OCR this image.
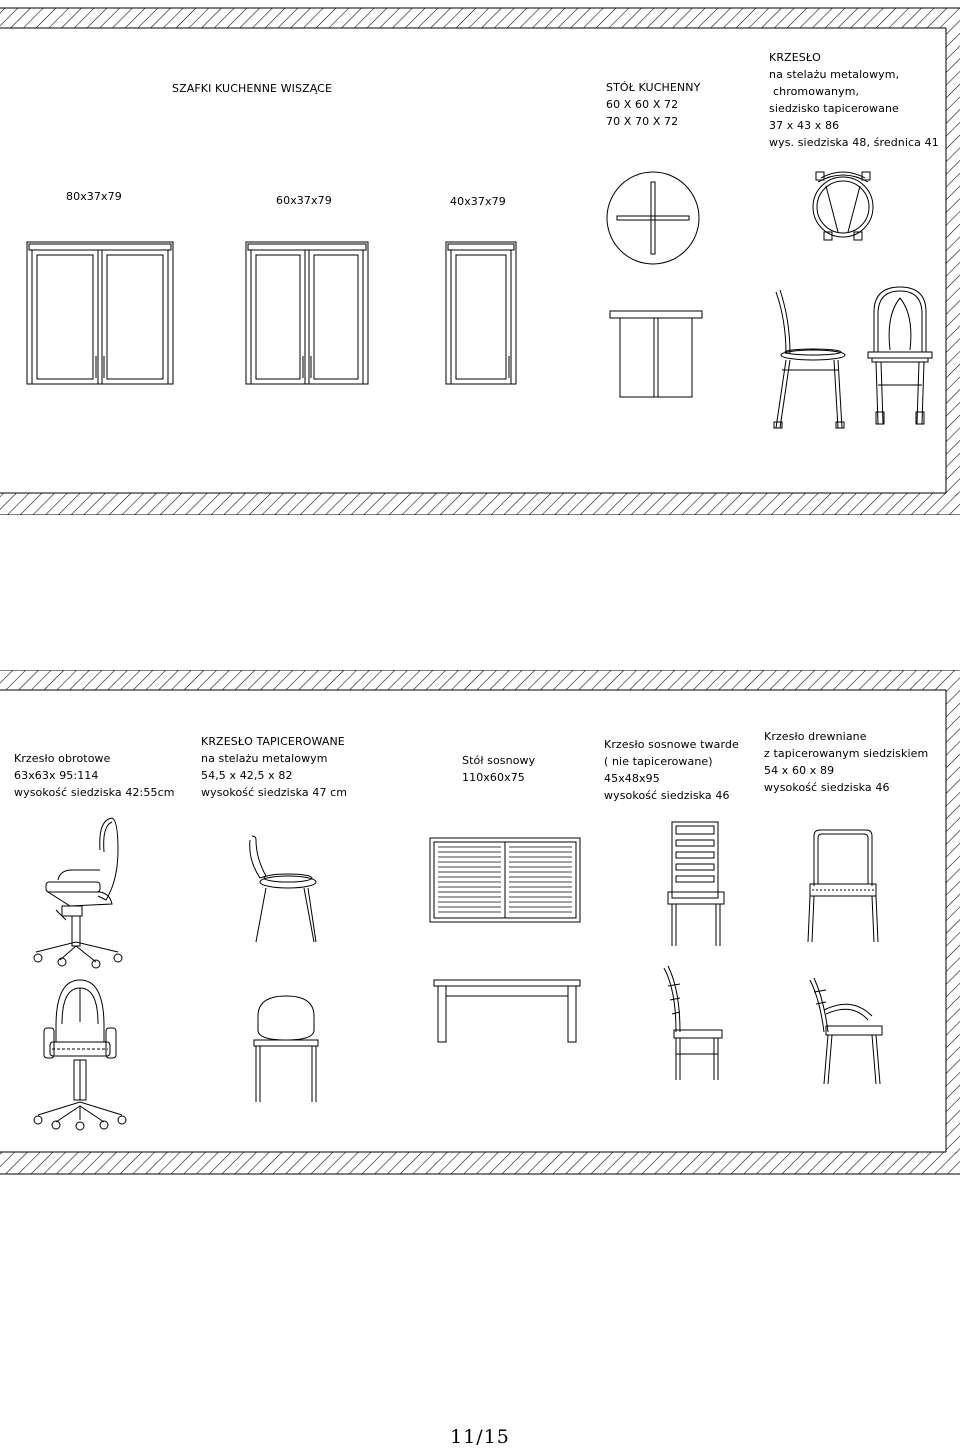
SZAFKI KUCHENNE WISZĄCE
80x37x79	60x37x79	40x37x79
STÓŁ KUCHENNY
60 X 60 X 72
70 X 70 X 72
KRZESŁO
na stelażu metalowym,
chromowanym,
siedzisko tapicerowane
37 x 43 x 86
wys. siedziska 48, średnica 41
Krzesło obrotowe
63x63x 95:114
wysokość siedziska 42:55cm
KRZESŁO TAPICEROWANE
na stelażu metalowym
54,5 x 42,5 x 82
wysokość siedziska 47 cm
Stół sosnowy
110x60x75
Krzesło sosnowe twarde
( nie tapicerowane)
45x48x95
wysokość siedziska 46
Krzesło drewniane
z tapicerowanym siedziskiem
54 x 60 x 89
wysokość siedziska 46
11/15
